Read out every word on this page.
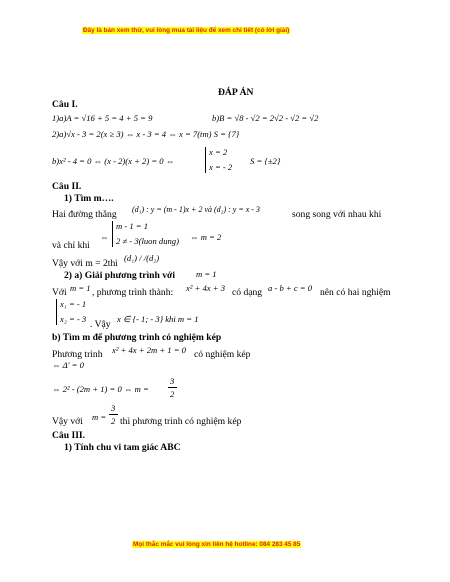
Đây là bản xem thử, vui lòng mua tài liệu để xem chi tiết (có lời giải)
ĐÁP ÁN
Câu I.
1)a)A = √16 + 5 = 4 + 5 = 9	b)B = √8 - √2 = 2√2 - √2 = √2
2)a)√x - 3 = 2(x ≥ 3) ⇔ x - 3 = 4 ⇔ x = 7(tm) S = {7}
b)x² - 4 = 0 ⇔ (x - 2)(x + 2) = 0 ⇔
x = 2
x = - 2
S = {±2}
Câu II.
1) Tìm m….
Hai đường thẳng (d₁) : y = (m - 1)x + 2 và (d₂) : y = x - 3	song song với nhau khi
⇔
m - 1 = 1
2 ≠ - 3(luon dung) ⇔ m = 2
và chỉ khi
Vậy với m = 2thì (d₁) / /(d₂)
2) a) Giải phương trình với m = 1
Với m = 1 , phương trình thành: x² + 4x + 3 có dạng a - b + c = 0 nên có hai nghiệm
x₁ = - 1
x₂ = - 3 . Vậy x ∈ {- 1; - 3} khi m = 1
b) Tìm m để phương trình có nghiệm kép
Phương trình x² + 4x + 2m + 1 = 0 có nghiệm kép
⇔ Δ' = 0
⇔ 2² - (2m + 1) = 0 ⇔ m =
3
2
Vậy với m =
3
2 thì phương trình có nghiệm kép
Câu III.
1) Tính chu vi tam giác ABC
Mọi thắc mắc vui lòng xin liên hệ hotline: 084 283 45 85
